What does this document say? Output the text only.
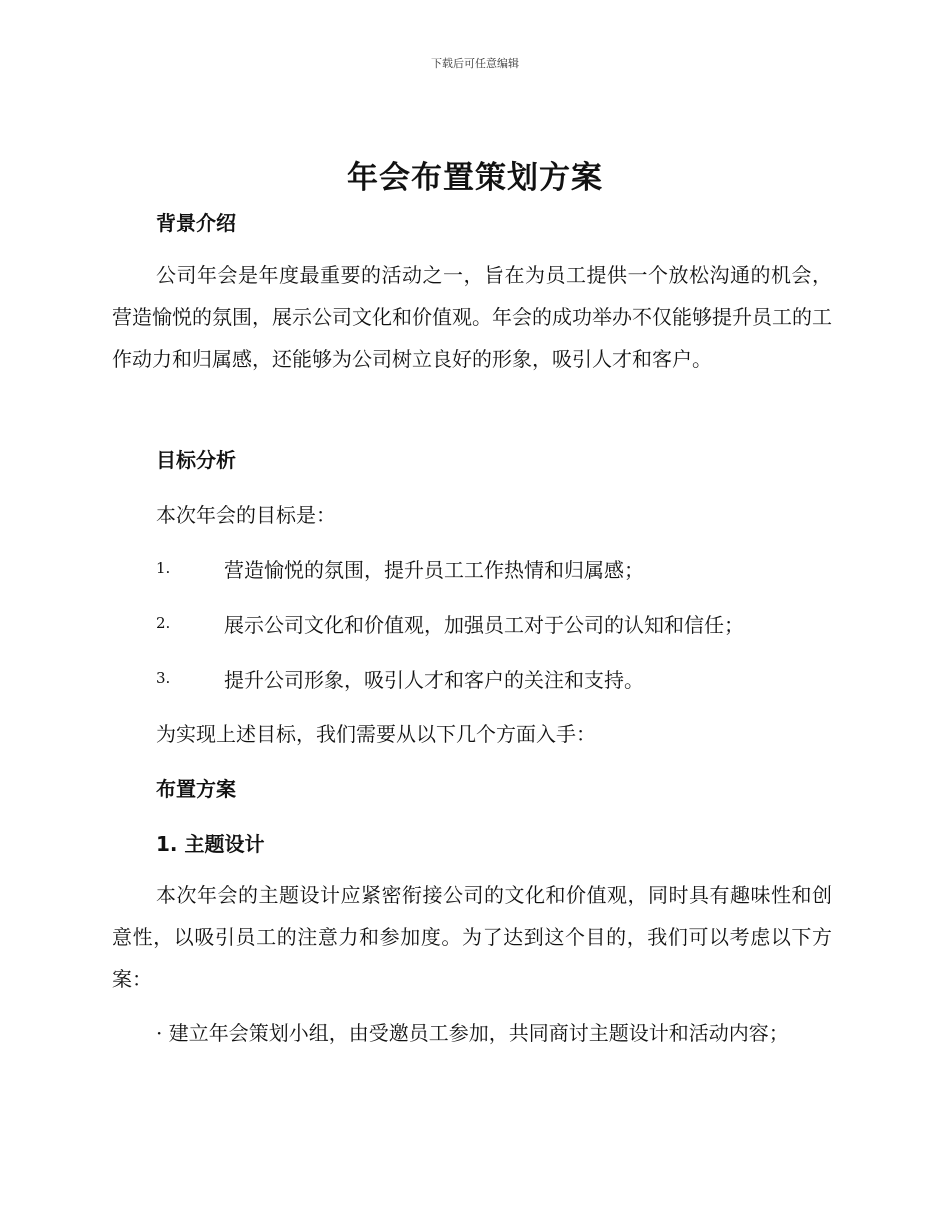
下载后可任意编辑
年会布置策划方案
背景介绍
公司年会是年度最重要的活动之一，旨在为员工提供一个放松沟通的机会，营造愉悦的氛围，展示公司文化和价值观。年会的成功举办不仅能够提升员工的工作动力和归属感，还能够为公司树立良好的形象，吸引人才和客户。
目标分析
本次年会的目标是：
1.	营造愉悦的氛围，提升员工工作热情和归属感；
2.	展示公司文化和价值观，加强员工对于公司的认知和信任；
3.	提升公司形象，吸引人才和客户的关注和支持。
为实现上述目标，我们需要从以下几个方面入手：
布置方案
1. 主题设计
本次年会的主题设计应紧密衔接公司的文化和价值观，同时具有趣味性和创意性，以吸引员工的注意力和参加度。为了达到这个目的，我们可以考虑以下方案：
· 建立年会策划小组，由受邀员工参加，共同商讨主题设计和活动内容；
